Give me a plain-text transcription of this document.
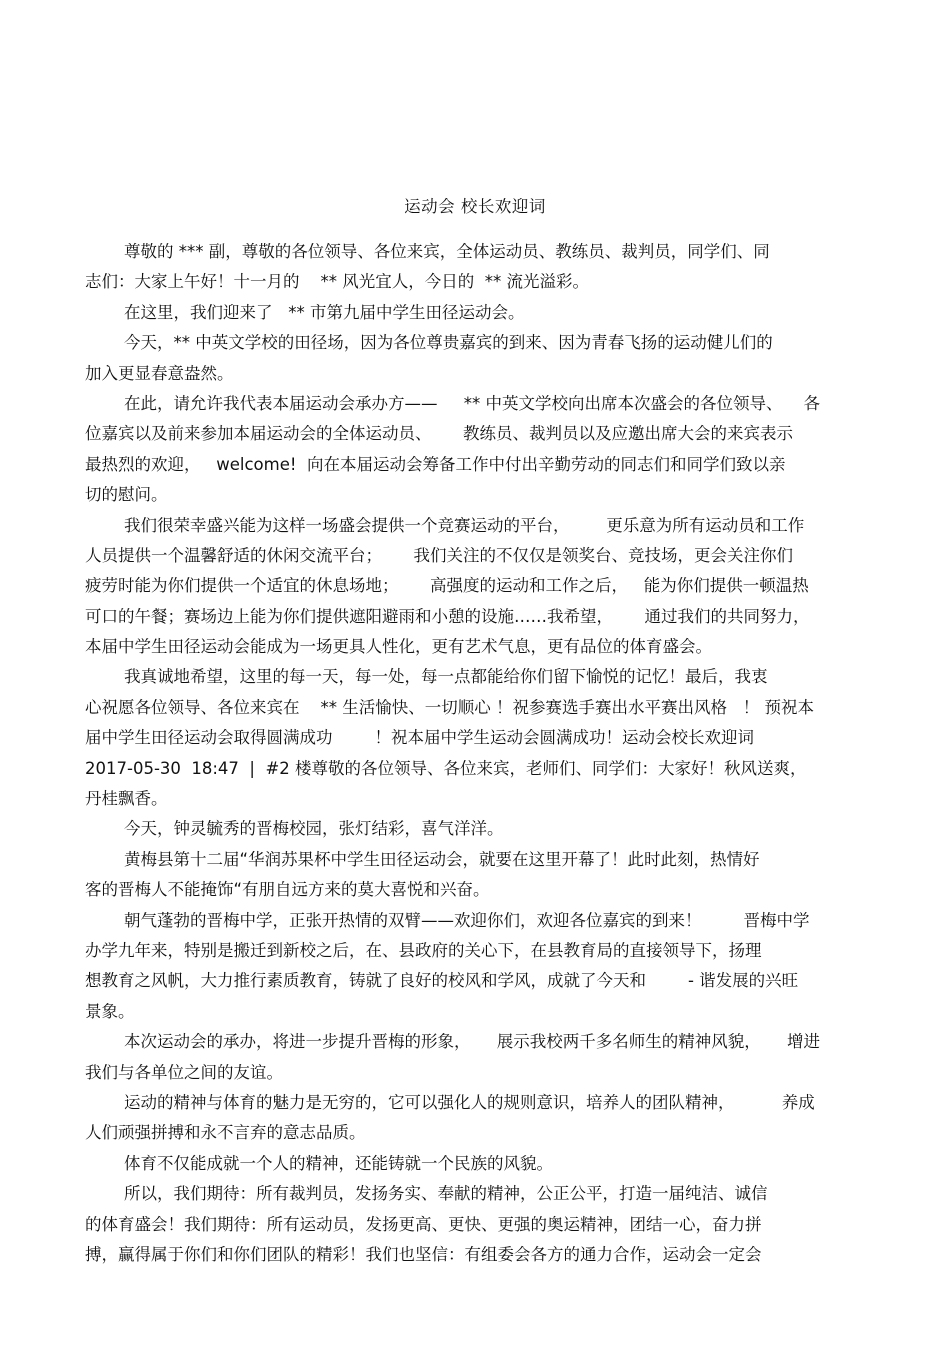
运动会 校长欢迎词
尊敬的 *** 副，尊敬的各位领导、各位来宾，全体运动员、教练员、裁判员，同学们、同
志们：大家上午好！十一月的    ** 风光宜人，今日的  ** 流光溢彩。
在这里，我们迎来了   ** 市第九届中学生田径运动会。
今天，** 中英文学校的田径场，因为各位尊贵嘉宾的到来、因为青春飞扬的运动健儿们的
加入更显春意盎然。
在此，请允许我代表本届运动会承办方——     ** 中英文学校向出席本次盛会的各位领导、    各
位嘉宾以及前来参加本届运动会的全体运动员、      教练员、裁判员以及应邀出席大会的来宾表示
最热烈的欢迎，   welcome!  向在本届运动会筹备工作中付出辛勤劳动的同志们和同学们致以亲
切的慰问。
我们很荣幸盛兴能为这样一场盛会提供一个竞赛运动的平台，       更乐意为所有运动员和工作
人员提供一个温馨舒适的休闲交流平台；      我们关注的不仅仅是领奖台、竞技场，更会关注你们
疲劳时能为你们提供一个适宜的休息场地；      高强度的运动和工作之后，   能为你们提供一顿温热
可口的午餐；赛场边上能为你们提供遮阳避雨和小憩的设施……我希望，      通过我们的共同努力，
本届中学生田径运动会能成为一场更具人性化，更有艺术气息，更有品位的体育盛会。
我真诚地希望，这里的每一天，每一处，每一点都能给你们留下愉悦的记忆！最后，我衷
心祝愿各位领导、各位来宾在    ** 生活愉快、一切顺心 ！祝参赛选手赛出水平赛出风格   ！ 预祝本
届中学生田径运动会取得圆满成功        ！祝本届中学生运动会圆满成功！运动会校长欢迎词
2017-05-30  18:47  |  #2 楼尊敬的各位领导、各位来宾，老师们、同学们：大家好！秋风送爽，
丹桂飘香。
今天，钟灵毓秀的晋梅校园，张灯结彩，喜气洋洋。
黄梅县第十二届“华润苏果杯中学生田径运动会，就要在这里开幕了！此时此刻，热情好
客的晋梅人不能掩饰“有朋自远方来的莫大喜悦和兴奋。
朝气蓬勃的晋梅中学，正张开热情的双臂——欢迎你们，欢迎各位嘉宾的到来！        晋梅中学
办学九年来，特别是搬迁到新校之后，在、县政府的关心下，在县教育局的直接领导下，扬理
想教育之风帆，大力推行素质教育，铸就了良好的校风和学风，成就了今天和        - 谐发展的兴旺
景象。
本次运动会的承办，将进一步提升晋梅的形象，     展示我校两千多名师生的精神风貌，     增进
我们与各单位之间的友谊。
运动的精神与体育的魅力是无穷的，它可以强化人的规则意识，培养人的团队精神，         养成
人们顽强拼搏和永不言弃的意志品质。
体育不仅能成就一个人的精神，还能铸就一个民族的风貌。
所以，我们期待：所有裁判员，发扬务实、奉献的精神，公正公平，打造一届纯洁、诚信
的体育盛会！我们期待：所有运动员，发扬更高、更快、更强的奥运精神，团结一心，奋力拼
搏，赢得属于你们和你们团队的精彩！我们也坚信：有组委会各方的通力合作，运动会一定会
